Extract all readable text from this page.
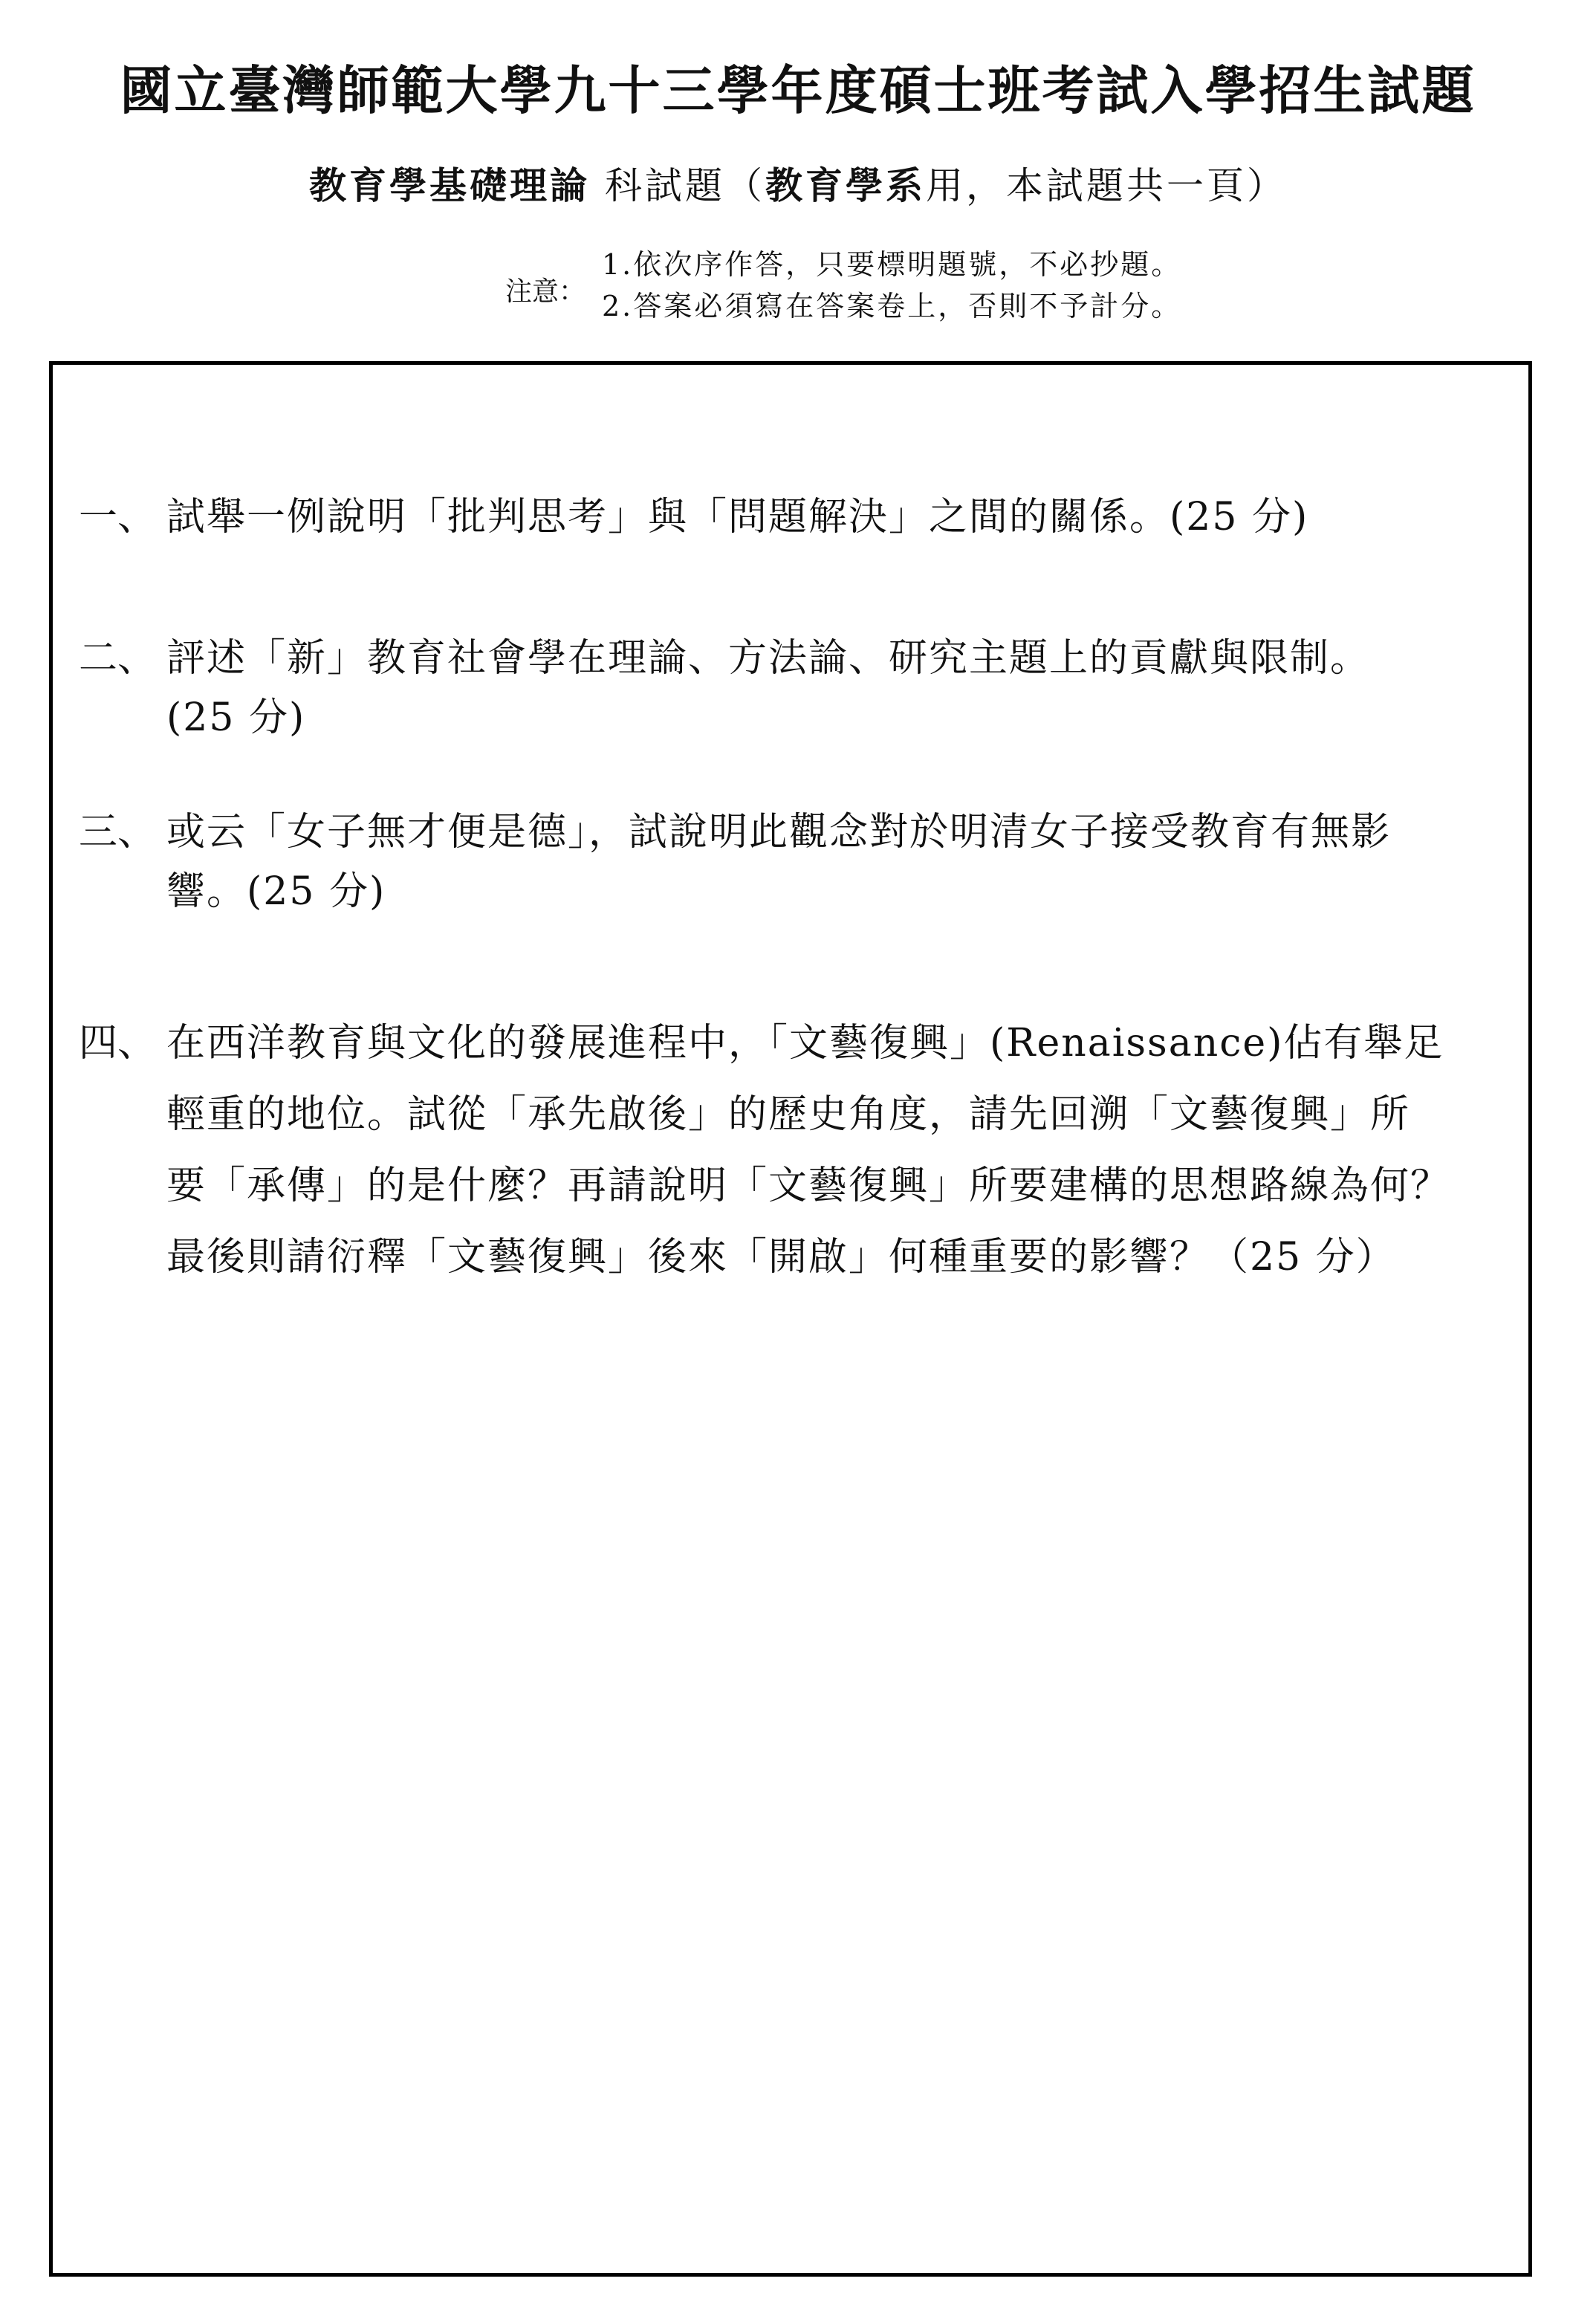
國立臺灣師範大學九十三學年度碩士班考試入學招生試題
教育學基礎理論 科試題（教育學系用，本試題共一頁）
注意：
1.依次序作答，只要標明題號，不必抄題。
2.答案必須寫在答案卷上，否則不予計分。
一、 試舉一例說明「批判思考」與「問題解決」之間的關係。(25 分)
二、 評述「新」教育社會學在理論、方法論、研究主題上的貢獻與限制。
(25 分)
三、 或云「女子無才便是德」，試說明此觀念對於明清女子接受教育有無影
響。(25 分)
四、 在西洋教育與文化的發展進程中，「文藝復興」(Renaissance)佔有舉足
輕重的地位。試從「承先啟後」的歷史角度，請先回溯「文藝復興」所
要「承傳」的是什麼？再請說明「文藝復興」所要建構的思想路線為何？
最後則請衍釋「文藝復興」後來「開啟」何種重要的影響？（25 分）
